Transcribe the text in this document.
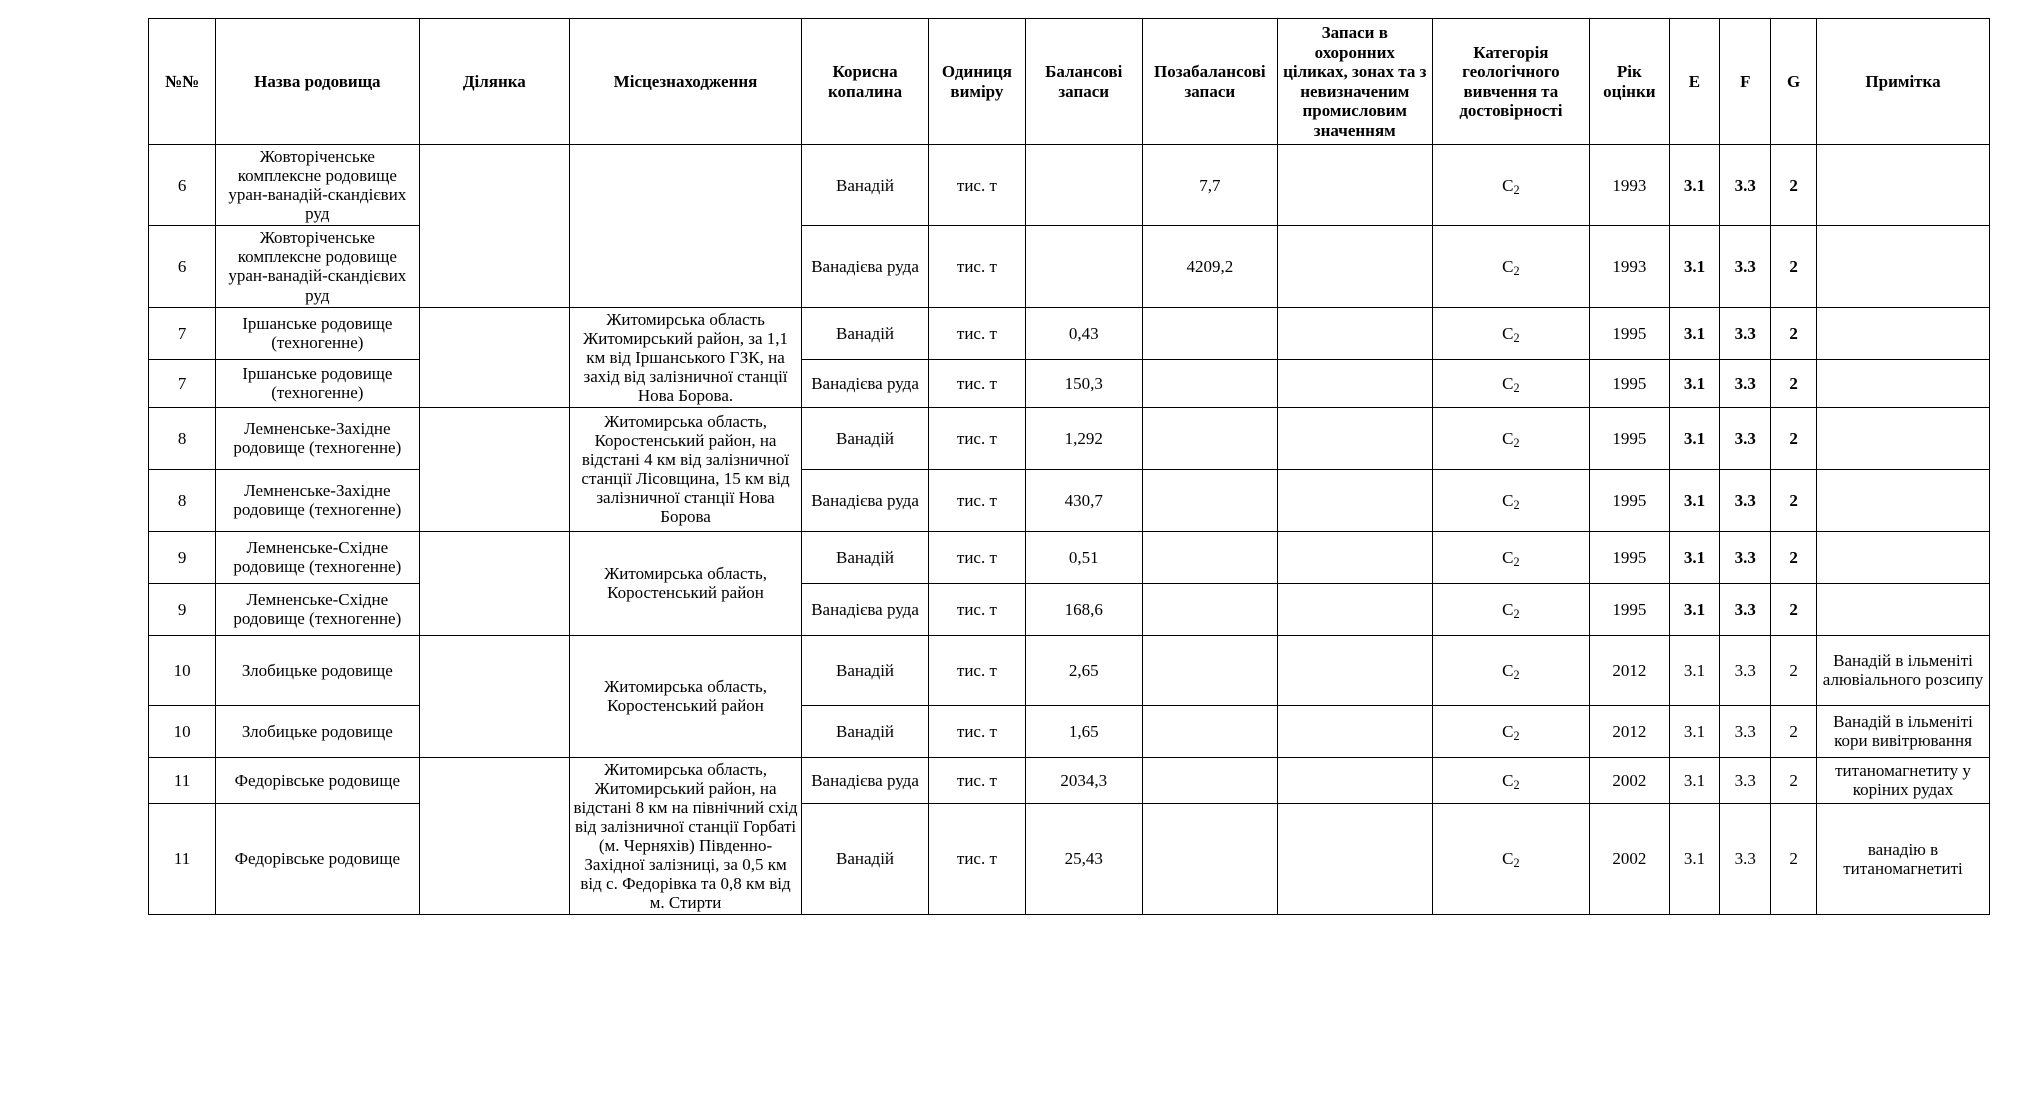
№№	Назва родовища	Ділянка	Місцезнаходження	Корисна копалина	Одиниця виміру	Балансові запаси	Позабалансові запаси	Запаси в охоронних ціликах, зонах та з невизначеним промисловим значенням	Категорія геологічного вивчення та достовірності	Рік оцінки	E	F	G	Примітка
6	Жовторіченське комплексне родовище уран-ванадій-скандієвих руд			Ванадій	тис. т		7,7		$С_2$	1993	3.1	3.3	2	
6	Жовторіченське комплексне родовище уран-ванадій-скандієвих руд			Ванадієва руда	тис. т		4209,2		$С_2$	1993	3.1	3.3	2	
7	Іршанське родовище (техногенне)		Житомирська область Житомирський район, за 1,1 км від Іршанського ГЗК, на захід від залізничної станції Нова Борова.	Ванадій	тис. т	0,43			$С_2$	1995	3.1	3.3	2	
7	Іршанське родовище (техногенне)			Ванадієва руда	тис. т	150,3			$С_2$	1995	3.1	3.3	2	
8	Лемненське-Західне родовище (техногенне)		Житомирська область, Коростенський район, на відстані 4 км від залізничної станції Лісовщина, 15 км від залізничної станції Нова Борова	Ванадій	тис. т	1,292			$С_2$	1995	3.1	3.3	2	
8	Лемненське-Західне родовище (техногенне)			Ванадієва руда	тис. т	430,7			$С_2$	1995	3.1	3.3	2	
9	Лемненське-Східне родовище (техногенне)		Житомирська область, Коростенський район	Ванадій	тис. т	0,51			$С_2$	1995	3.1	3.3	2	
9	Лемненське-Східне родовище (техногенне)			Ванадієва руда	тис. т	168,6			$С_2$	1995	3.1	3.3	2	
10	Злобицьке родовище		Житомирська область, Коростенський район	Ванадій	тис. т	2,65			$С_2$	2012	3.1	3.3	2	Ванадій в ільменіті алювіального розсипу
10	Злобицьке родовище			Ванадій	тис. т	1,65			$С_2$	2012	3.1	3.3	2	Ванадій в ільменіті кори вивітрювання
11	Федорівське родовище		Житомирська область, Житомирський район, на відстані 8 км на північний схід від залізничної станції Горбаті (м. Черняхів) Південно-Західної залізниці, за 0,5 км від с. Федорівка та 0,8 км від м. Стирти	Ванадієва руда	тис. т	2034,3			$С_2$	2002	3.1	3.3	2	титаномагнетиту у коріних рудах
11	Федорівське родовище			Ванадій	тис. т	25,43			$С_2$	2002	3.1	3.3	2	ванадію в титаномагнетиті
